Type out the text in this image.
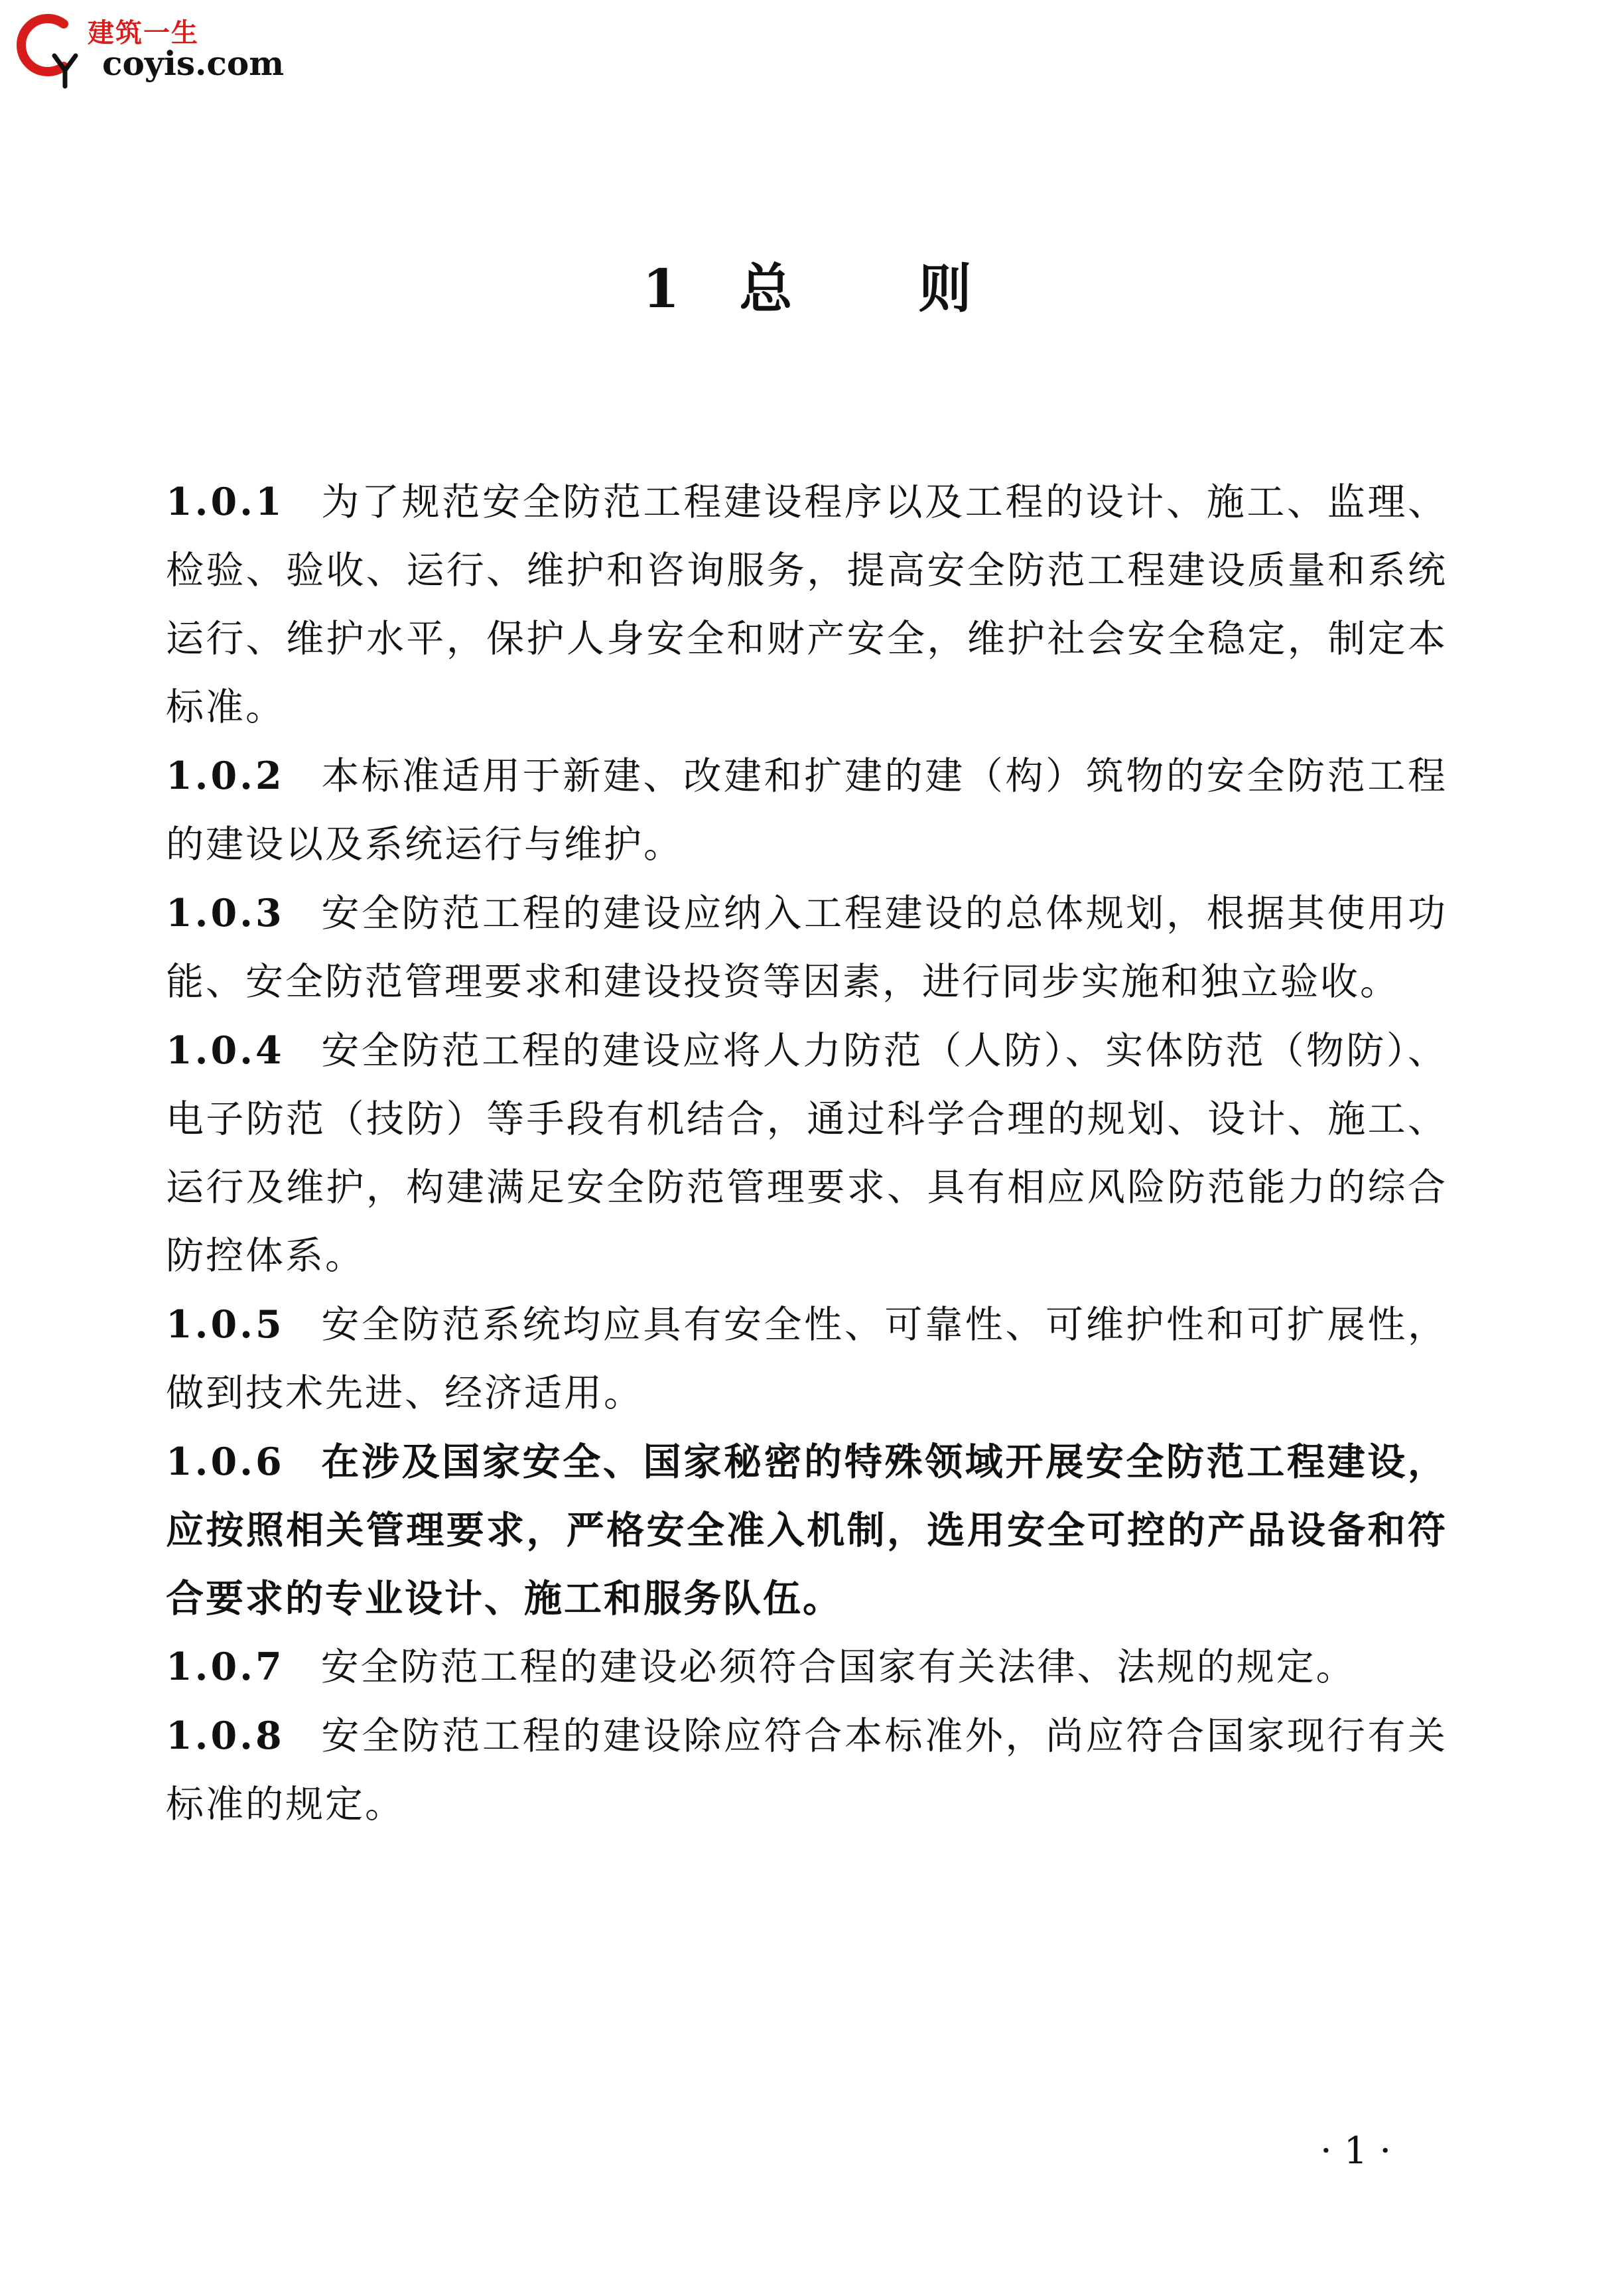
建筑一生
coyis.com
1 总 则

1.0.1 为了规范安全防范工程建设程序以及工程的设计、施工、监理、检验、验收、运行、维护和咨询服务，提高安全防范工程建设质量和系统运行、维护水平，保护人身安全和财产安全，维护社会安全稳定，制定本标准。

1.0.2 本标准适用于新建、改建和扩建的建（构）筑物的安全防范工程的建设以及系统运行与维护。

1.0.3 安全防范工程的建设应纳入工程建设的总体规划，根据其使用功能、安全防范管理要求和建设投资等因素，进行同步实施和独立验收。

1.0.4 安全防范工程的建设应将人力防范（人防）、实体防范（物防）、电子防范（技防）等手段有机结合，通过科学合理的规划、设计、施工、运行及维护，构建满足安全防范管理要求、具有相应风险防范能力的综合防控体系。

1.0.5 安全防范系统均应具有安全性、可靠性、可维护性和可扩展性，做到技术先进、经济适用。

1.0.6 在涉及国家安全、国家秘密的特殊领域开展安全防范工程建设，应按照相关管理要求，严格安全准入机制，选用安全可控的产品设备和符合要求的专业设计、施工和服务队伍。

1.0.7 安全防范工程的建设必须符合国家有关法律、法规的规定。

1.0.8 安全防范工程的建设除应符合本标准外，尚应符合国家现行有关标准的规定。

·1·
